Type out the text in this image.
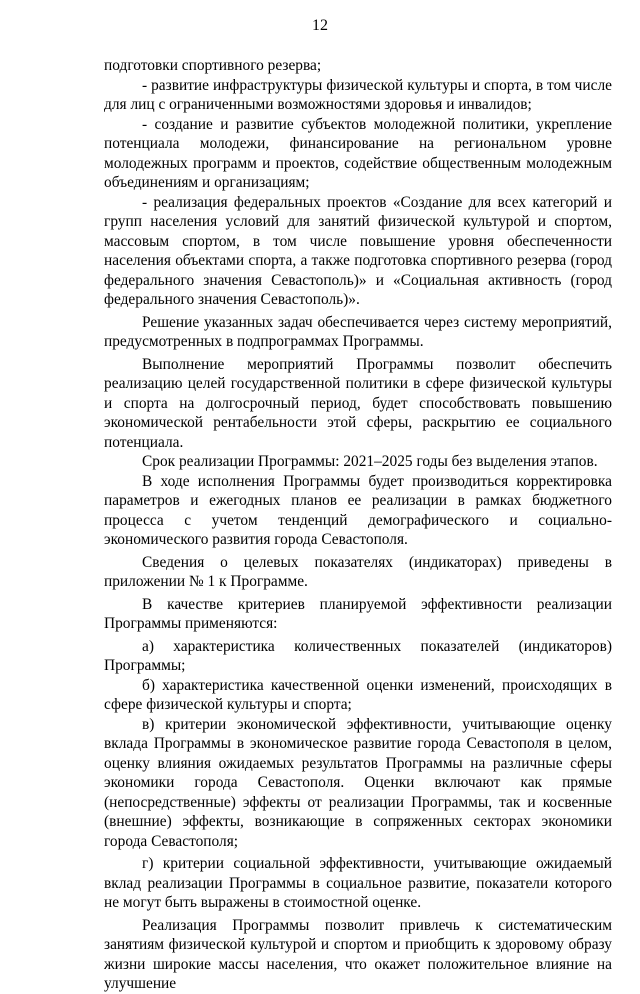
12

подготовки спортивного резерва;

- развитие инфраструктуры физической культуры и спорта, в том числе для лиц с ограниченными возможностями здоровья и инвалидов;

- создание и развитие субъектов молодежной политики, укрепление потенциала молодежи, финансирование на региональном уровне молодежных программ и проектов, содействие общественным молодежным объединениям и организациям;

- реализация федеральных проектов «Создание для всех категорий и групп населения условий для занятий физической культурой и спортом, массовым спортом, в том числе повышение уровня обеспеченности населения объектами спорта, а также подготовка спортивного резерва (город федерального значения Севастополь)» и «Социальная активность (город федерального значения Севастополь)».

Решение указанных задач обеспечивается через систему мероприятий, предусмотренных в подпрограммах Программы.

Выполнение мероприятий Программы позволит обеспечить реализацию целей государственной политики в сфере физической культуры и спорта на долгосрочный период, будет способствовать повышению экономической рентабельности этой сферы, раскрытию ее социального потенциала.

Срок реализации Программы: 2021–2025 годы без выделения этапов.

В ходе исполнения Программы будет производиться корректировка параметров и ежегодных планов ее реализации в рамках бюджетного процесса с учетом тенденций демографического и социально-экономического развития города Севастополя.

Сведения о целевых показателях (индикаторах) приведены в приложении № 1 к Программе.

В качестве критериев планируемой эффективности реализации Программы применяются:

а) характеристика количественных показателей (индикаторов) Программы;

б) характеристика качественной оценки изменений, происходящих в сфере физической культуры и спорта;

в) критерии экономической эффективности, учитывающие оценку вклада Программы в экономическое развитие города Севастополя в целом, оценку влияния ожидаемых результатов Программы на различные сферы экономики города Севастополя. Оценки включают как прямые (непосредственные) эффекты от реализации Программы, так и косвенные (внешние) эффекты, возникающие в сопряженных секторах экономики города Севастополя;

г) критерии социальной эффективности, учитывающие ожидаемый вклад реализации Программы в социальное развитие, показатели которого не могут быть выражены в стоимостной оценке.

Реализация Программы позволит привлечь к систематическим занятиям физической культурой и спортом и приобщить к здоровому образу жизни широкие массы населения, что окажет положительное влияние на улучшение
